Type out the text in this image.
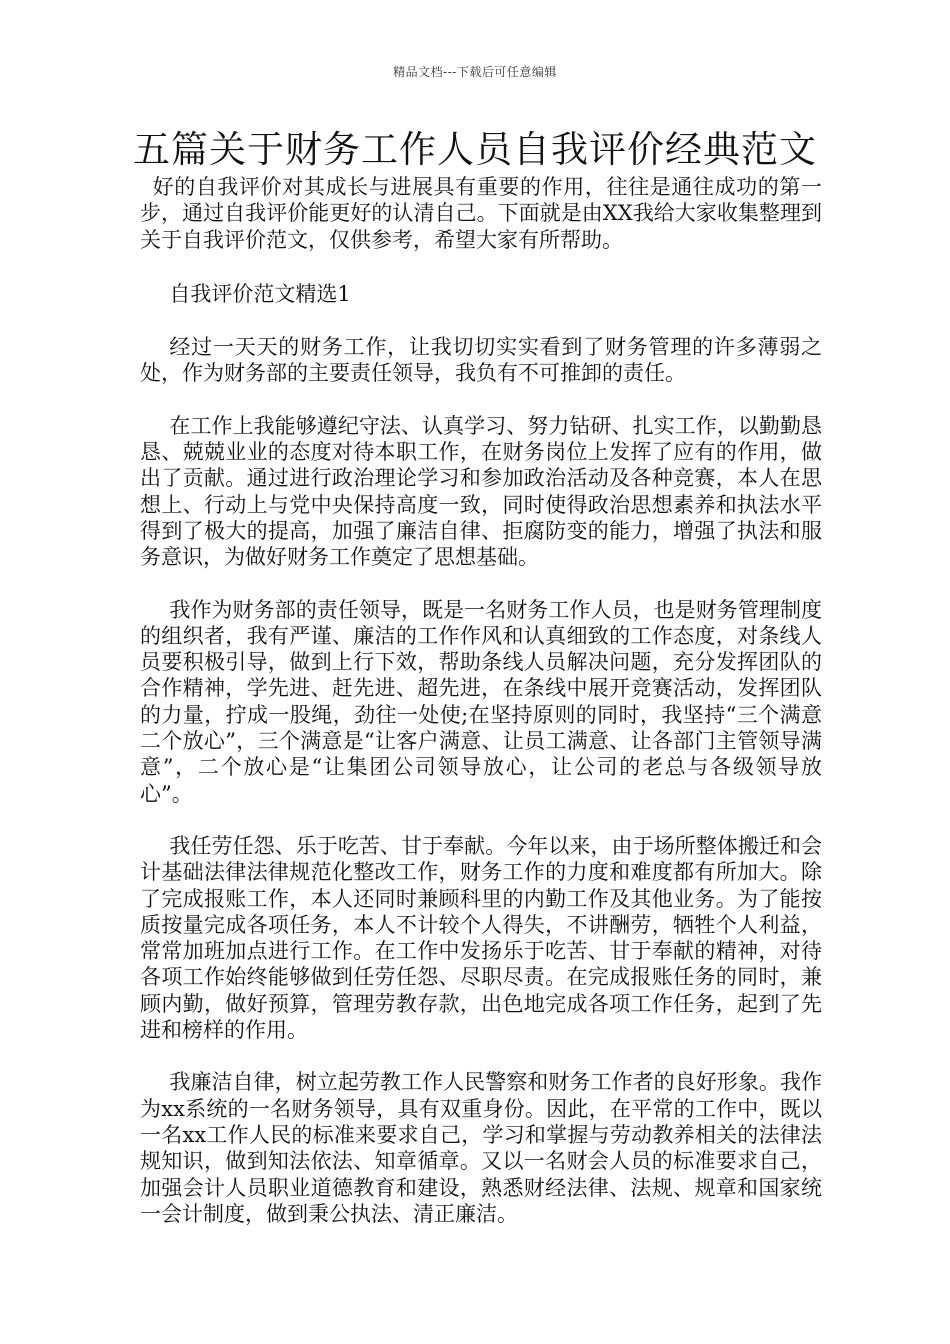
精品文档---下载后可任意编辑
五篇关于财务工作人员自我评价经典范文

好的自我评价对其成长与进展具有重要的作用，往往是通往成功的第一步，通过自我评价能更好的认清自己。下面就是由XX我给大家收集整理到关于自我评价范文，仅供参考，希望大家有所帮助。

自我评价范文精选1

经过一天天的财务工作，让我切切实实看到了财务管理的许多薄弱之处，作为财务部的主要责任领导，我负有不可推卸的责任。

在工作上我能够遵纪守法、认真学习、努力钻研、扎实工作，以勤勤恳恳、兢兢业业的态度对待本职工作，在财务岗位上发挥了应有的作用，做出了贡献。通过进行政治理论学习和参加政治活动及各种竞赛，本人在思想上、行动上与党中央保持高度一致，同时使得政治思想素养和执法水平得到了极大的提高，加强了廉洁自律、拒腐防变的能力，增强了执法和服务意识，为做好财务工作奠定了思想基础。

我作为财务部的责任领导，既是一名财务工作人员，也是财务管理制度的组织者，我有严谨、廉洁的工作作风和认真细致的工作态度，对条线人员要积极引导，做到上行下效，帮助条线人员解决问题，充分发挥团队的合作精神，学先进、赶先进、超先进，在条线中展开竞赛活动，发挥团队的力量，拧成一股绳，劲往一处使;在坚持原则的同时，我坚持“三个满意二个放心”，三个满意是“让客户满意、让员工满意、让各部门主管领导满意”，二个放心是“让集团公司领导放心，让公司的老总与各级领导放心”。

我任劳任怨、乐于吃苦、甘于奉献。今年以来，由于场所整体搬迁和会计基础法律法律规范化整改工作，财务工作的力度和难度都有所加大。除了完成报账工作，本人还同时兼顾科里的内勤工作及其他业务。为了能按质按量完成各项任务，本人不计较个人得失，不讲酬劳，牺牲个人利益，常常加班加点进行工作。在工作中发扬乐于吃苦、甘于奉献的精神，对待各项工作始终能够做到任劳任怨、尽职尽责。在完成报账任务的同时，兼顾内勤，做好预算，管理劳教存款，出色地完成各项工作任务，起到了先进和榜样的作用。

我廉洁自律，树立起劳教工作人民警察和财务工作者的良好形象。我作为xx系统的一名财务领导，具有双重身份。因此，在平常的工作中，既以一名xx工作人民的标准来要求自己，学习和掌握与劳动教养相关的法律法规知识，做到知法依法、知章循章。又以一名财会人员的标准要求自己，加强会计人员职业道德教育和建设，熟悉财经法律、法规、规章和国家统一会计制度，做到秉公执法、清正廉洁。
